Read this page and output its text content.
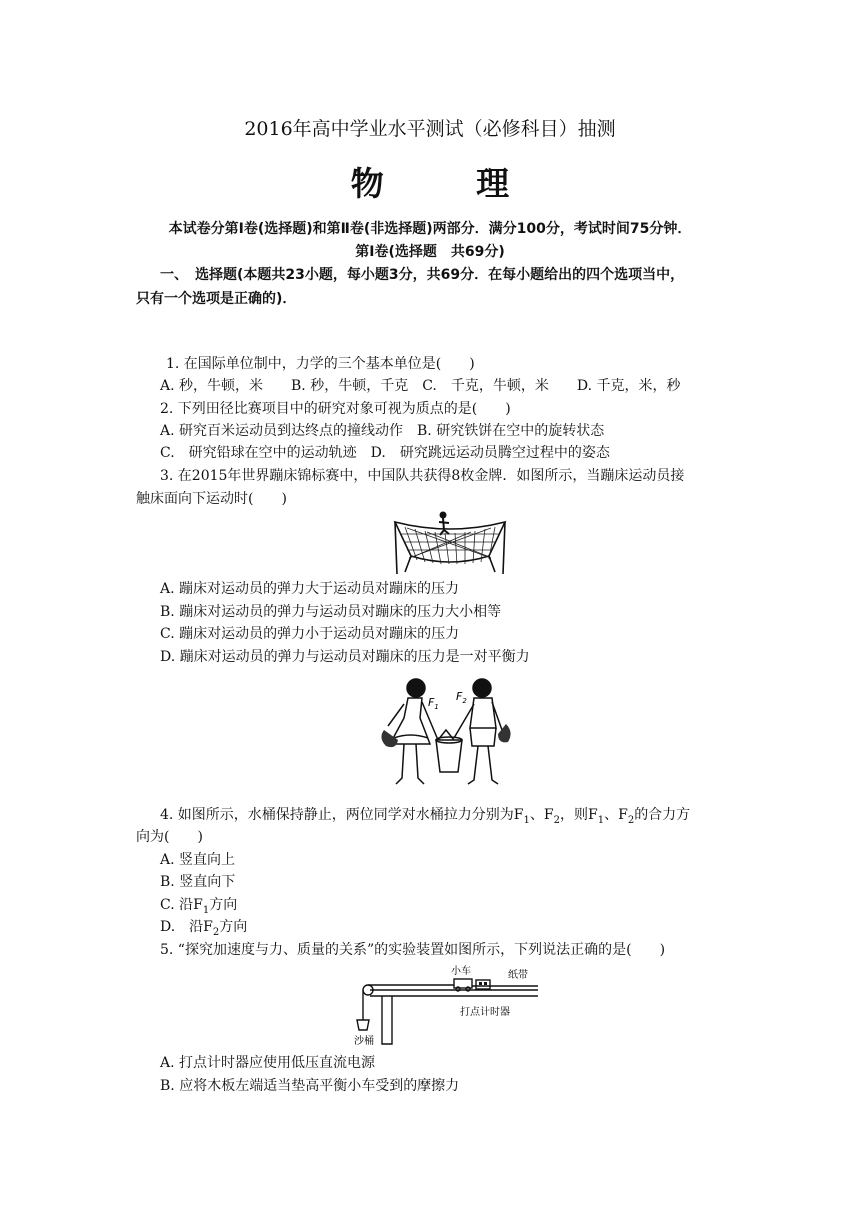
2016年高中学业水平测试（必修科目）抽测
物　理
本试卷分第Ⅰ卷(选择题)和第Ⅱ卷(非选择题)两部分．满分100分，考试时间75分钟．
第Ⅰ卷(选择题　共69分)
一、　选择题(本题共23小题，每小题3分，共69分．在每小题给出的四个选项当中，
只有一个选项是正确的)．
1. 在国际单位制中，力学的三个基本单位是(　　)
A. 秒，牛顿，米　　B. 秒，牛顿，千克　C.　千克，牛顿，米　　D. 千克，米，秒
2. 下列田径比赛项目中的研究对象可视为质点的是(　　)
A. 研究百米运动员到达终点的撞线动作　B. 研究铁饼在空中的旋转状态
C.　研究铅球在空中的运动轨迹　D.　研究跳远运动员腾空过程中的姿态
3. 在2015年世界蹦床锦标赛中，中国队共获得8枚金牌．如图所示，当蹦床运动员接
触床面向下运动时(　　)
A. 蹦床对运动员的弹力大于运动员对蹦床的压力
B. 蹦床对运动员的弹力与运动员对蹦床的压力大小相等
C. 蹦床对运动员的弹力小于运动员对蹦床的压力
D. 蹦床对运动员的弹力与运动员对蹦床的压力是一对平衡力
$F_1$
$F_2$
4. 如图所示，水桶保持静止，两位同学对水桶拉力分别为$F_1$、$F_2$，则$F_1$、$F_2$的合力方
向为(　　)
A. 竖直向上
B. 竖直向下
C. 沿$F_1$方向
D.　沿$F_2$方向
5. “探究加速度与力、质量的关系”的实验装置如图所示，下列说法正确的是(　　)
小车	纸带
打点计时器
沙桶
A. 打点计时器应使用低压直流电源
B. 应将木板左端适当垫高平衡小车受到的摩擦力
